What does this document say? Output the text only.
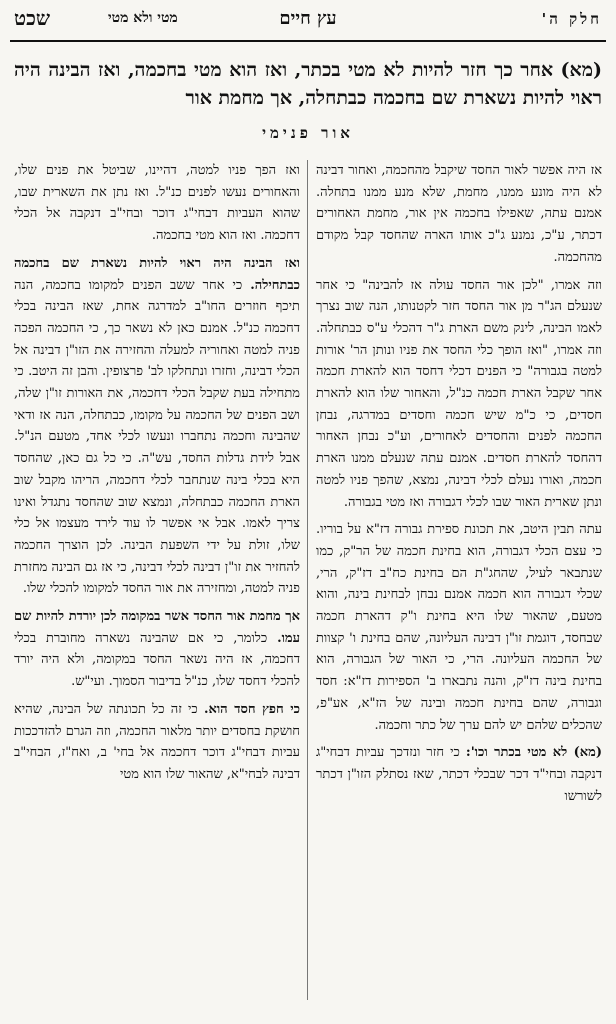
חלק ה'
עץ חיים
מטי ולא מטי
שכט
(מא) אחר כך חזר להיות לא מטי בכתר, ואז הוא מטי בחכמה, ואז הבינה היה ראוי להיות נשארת שם בחכמה כבתחלה, אך מחמת אור
אור פנימי

אז היה אפשר לאור החסד שיקבל מהחכמה, ואחור דבינה לא היה מונע ממנו, מחמת, שלא מנע ממנו בתחלה. אמנם עתה, שאפילו בחכמה אין אור, מחמת האחורים דכתר, ע"כ, נמנע ג"כ אותו הארה שהחסד קבל מקודם מהחכמה.

וזה אמרו, "לכן אור החסד עולה אז להבינה" כי אחר שנעלם הג"ר מן אור החסד חזר לקטנותו, הנה שוב נצרך לאמו הבינה, לינק משם הארת ג"ר דהכלי ע"ס כבתחלה. וזה אמרו, "ואז הופך כלי החסד את פניו ונותן הר' אורות למטה בגבורה" כי הפנים דכלי דחסד הוא להארת חכמה אחר שקבל הארת חכמה כנ"ל, והאחור שלו הוא להארת חסדים, כי כ"מ שיש חכמה וחסדים במדרגה, נבחן החכמה לפנים והחסדים לאחורים, וע"כ נבחן האחור דהחסד להארת חסדים. אמנם עתה שנעלם ממנו הארת חכמה, ואורו נעלם לכלי דבינה, נמצא, שהפך פניו למטה ונתן שארית האור שבו לכלי דגבורה ואז מטי בגבורה.

עתה תבין היטב, את תכונת ספירת גבורה דז"א על בוריו. כי עצם הכלי דגבורה, הוא בחינת חכמה של הר"ק, כמו שנתבאר לעיל, שהחג"ת הם בחינת כח"ב דז"ק, הרי, שכלי דגבורה הוא חכמה אמנם נבחן לבחינת בינה, והוא מטעם, שהאור שלו היא בחינת ו"ק דהארת חכמה שבחסד, דוגמת זו"ן דבינה העליונה, שהם בחינת ו' קצוות של החכמה העליונה. הרי, כי האור של הגבורה, הוא בחינת בינה דז"ק, והנה נתבארו ב' הספירות דז"א: חסד וגבורה, שהם בחינת חכמה ובינה של הז"א, אע"פ, שהכלים שלהם יש להם ערך של כתר וחכמה.

(מא) לא מטי בכתר וכו': כי חזר ונזדכך עביות דבחי"ג דנקבה ובחי"ד דכר שבכלי דכתר, שאז נסתלק הזו"ן דכתר לשורשו

ואז הפך פניו למטה, דהיינו, שביטל את פנים שלו, והאחורים נעשו לפנים כנ"ל. ואז נתן את השארית שבו, שהוא העביות דבחי"ג דוכר ובחי"ב דנקבה אל הכלי דחכמה. ואז הוא מטי בחכמה.

ואז הבינה היה ראוי להיות נשארת שם בחכמה כבתחילה. כי אחר ששב הפנים למקומו בחכמה, הנה תיכף חוזרים החו"ב למדרגה אחת, שאז הבינה בכלי דחכמה כנ"ל. אמנם כאן לא נשאר כך, כי החכמה הפכה פניה למטה ואחוריה למעלה והחזירה את הזו"ן דבינה אל הכלי דבינה, וחזרו ונתחלקו לב' פרצופין. והבן זה היטב. כי מתחילה בעת שקבל הכלי דחכמה, את האורות זו"ן שלה, ושב הפנים של החכמה על מקומו, כבתחלה, הנה אז ודאי שהבינה וחכמה נתחברו ונעשו לכלי אחד, מטעם הנ"ל. אבל לידת גדלות החסד, עש"ה. כי כל גם כאן, שהחסד היא בכלי בינה שנתחבר לכלי דחכמה, הריהו מקבל שוב הארת החכמה כבתחלה, ונמצא שוב שהחסד נתגדל ואינו צריך לאמו. אבל אי אפשר לו עוד לירד מעצמו אל כלי שלו, זולת על ידי השפעת הבינה. לכן הוצרך החכמה להחזיר את זו"ן דבינה לכלי דבינה, כי אז גם הבינה מחזרת פניה למטה, ומחזירה את אור החסד למקומו להכלי שלו.

אך מחמת אור החסד אשר במקומה לכן יורדת להיות שם עמו. כלומר, כי אם שהבינה נשארה מחוברת בכלי דחכמה, אז היה נשאר החסד במקומה, ולא היה יורד להכלי דחסד שלו, כנ"ל בדיבור הסמוך. ועי"ש.

כי חפץ חסד הוא. כי זה כל תכונתה של הבינה, שהיא חושקת בחסדים יותר מלאור החכמה, וזה הגרם להזדככות עביות דבחי"ג דוכר דחכמה אל בחי' ב, ואח"ז, הבחי"ב דבינה לבחי"א, שהאור שלו הוא מטי
